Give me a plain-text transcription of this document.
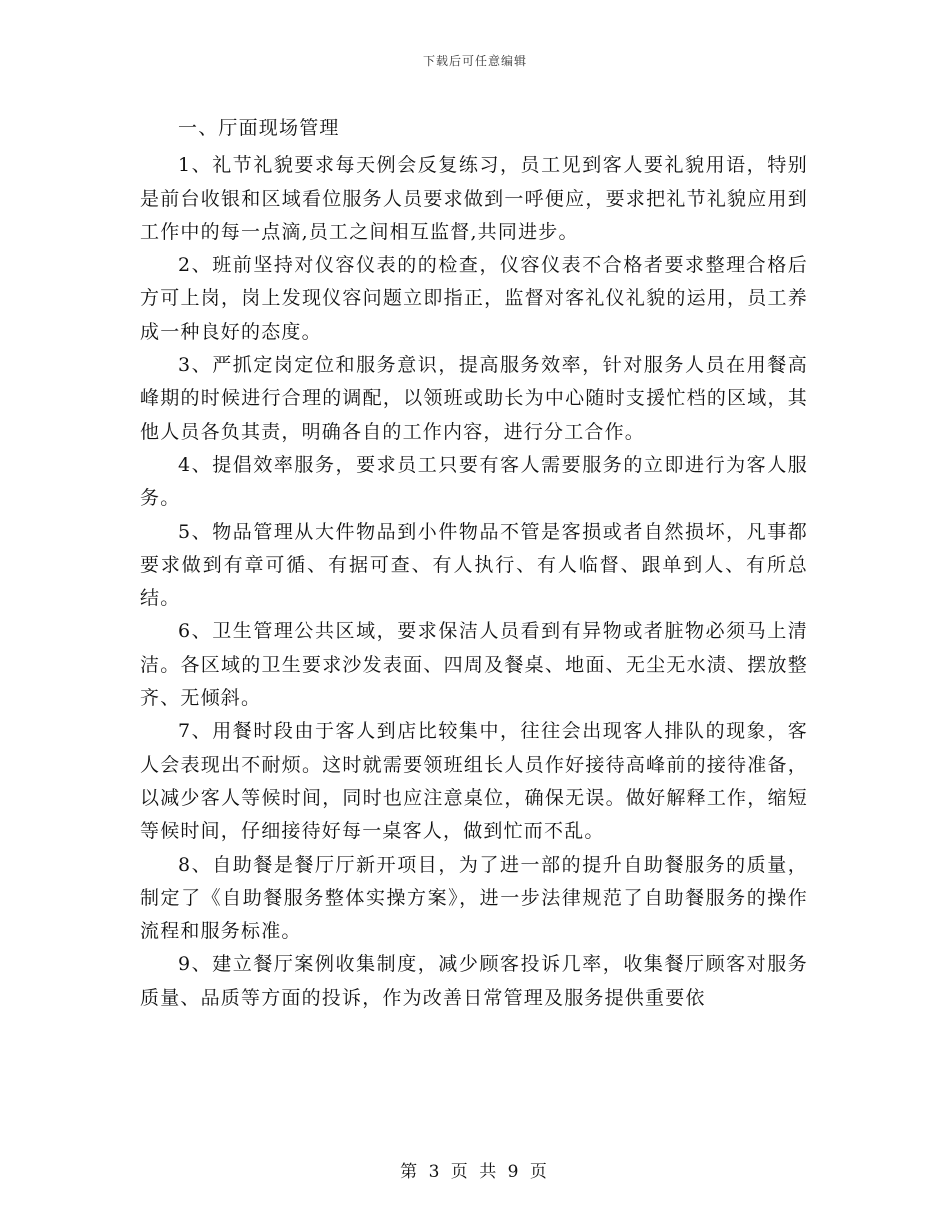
下载后可任意编辑

一、厅面现场管理

1、礼节礼貌要求每天例会反复练习，员工见到客人要礼貌用语，特别是前台收银和区域看位服务人员要求做到一呼便应，要求把礼节礼貌应用到工作中的每一点滴,员工之间相互监督,共同进步。

2、班前坚持对仪容仪表的的检查，仪容仪表不合格者要求整理合格后方可上岗，岗上发现仪容问题立即指正，监督对客礼仪礼貌的运用，员工养成一种良好的态度。

3、严抓定岗定位和服务意识，提高服务效率，针对服务人员在用餐高峰期的时候进行合理的调配，以领班或助长为中心随时支援忙档的区域，其他人员各负其责，明确各自的工作内容，进行分工合作。

4、提倡效率服务，要求员工只要有客人需要服务的立即进行为客人服务。

5、物品管理从大件物品到小件物品不管是客损或者自然损坏，凡事都要求做到有章可循、有据可查、有人执行、有人临督、跟单到人、有所总结。

6、卫生管理公共区域，要求保洁人员看到有异物或者脏物必须马上清洁。各区域的卫生要求沙发表面、四周及餐桌、地面、无尘无水渍、摆放整齐、无倾斜。

7、用餐时段由于客人到店比较集中，往往会出现客人排队的现象，客人会表现出不耐烦。这时就需要领班组长人员作好接待高峰前的接待准备，以减少客人等候时间，同时也应注意桌位，确保无误。做好解释工作，缩短等候时间，仔细接待好每一桌客人，做到忙而不乱。

8、自助餐是餐厅厅新开项目，为了进一部的提升自助餐服务的质量，制定了《自助餐服务整体实操方案》，进一步法律规范了自助餐服务的操作流程和服务标准。

9、建立餐厅案例收集制度，减少顾客投诉几率，收集餐厅顾客对服务质量、品质等方面的投诉，作为改善日常管理及服务提供重要依

第 3 页 共 9 页
